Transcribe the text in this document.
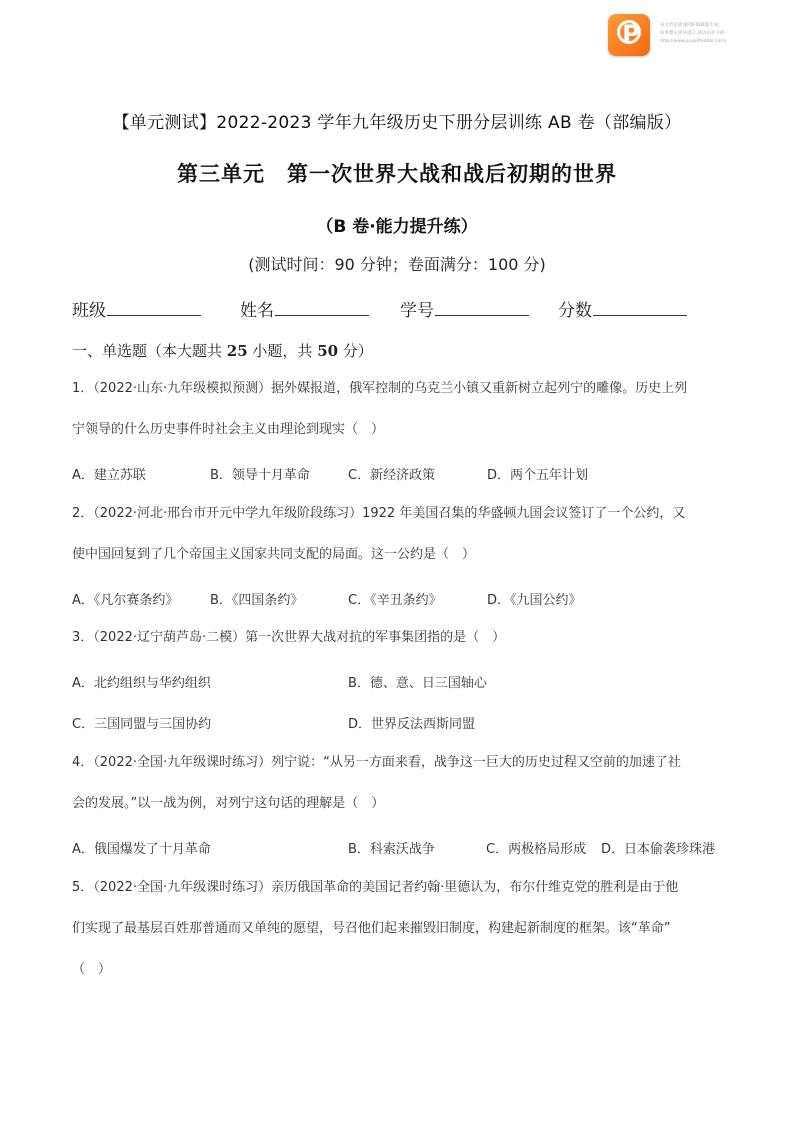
P	该文档是极速PDF编辑器生成,
如果想去掉该提示,请访问并下载:
http://www.jisupdfeditor.com/
【单元测试】2022-2023 学年九年级历史下册分层训练 AB 卷（部编版）
第三单元　第一次世界大战和战后初期的世界
（B 卷·能力提升练）
(测试时间：90 分钟；卷面满分：100 分)
班级	姓名	学号	分数
一、单选题（本大题共 25 小题，共 50 分）
1．（2022·山东·九年级模拟预测）据外媒报道，俄军控制的乌克兰小镇又重新树立起列宁的雕像。历史上列
宁领导的什么历史事件时社会主义由理论到现实（　）
A．建立苏联	B．领导十月革命	C．新经济政策	D．两个五年计划
2．（2022·河北·邢台市开元中学九年级阶段练习）1922 年美国召集的华盛顿九国会议签订了一个公约，又
使中国回复到了几个帝国主义国家共同支配的局面。这一公约是（　）
A．《凡尔赛条约》 B．《四国条约》	C．《辛丑条约》	D．《九国公约》
3．（2022·辽宁葫芦岛·二模）第一次世界大战对抗的军事集团指的是（　）
A．北约组织与华约组织	B．德、意、日三国轴心
C．三国同盟与三国协约	D．世界反法西斯同盟
4．（2022·全国·九年级课时练习）列宁说：“从另一方面来看，战争这一巨大的历史过程又空前的加速了社
会的发展。”以一战为例，对列宁这句话的理解是（　）
A．俄国爆发了十月革命	B．科索沃战争	C．两极格局形成 D．日本偷袭珍珠港
5．（2022·全国·九年级课时练习）亲历俄国革命的美国记者约翰·里德认为，布尔什维克党的胜利是由于他
们实现了最基层百姓那普通而又单纯的愿望，号召他们起来摧毁旧制度，构建起新制度的框架。该“革命”
（　）
